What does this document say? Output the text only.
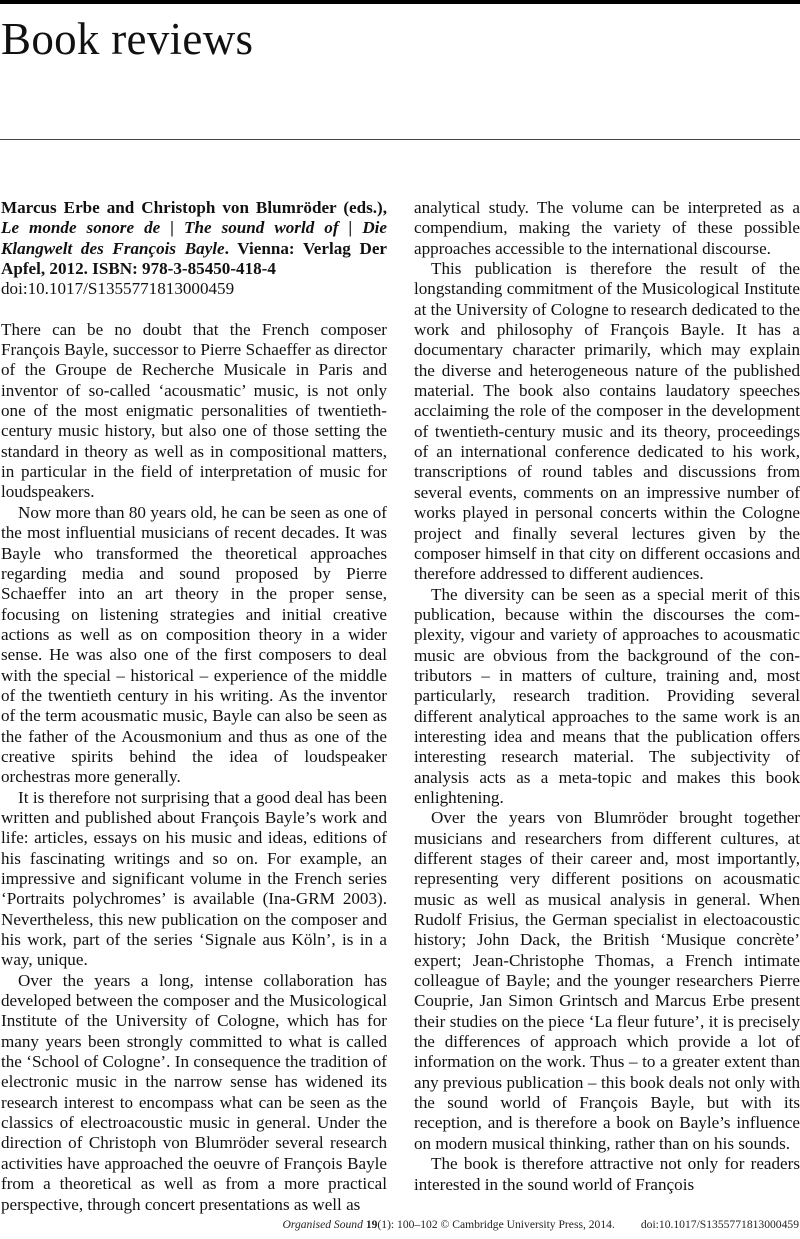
Book reviews
Marcus Erbe and Christoph von Blumröder (eds.), Le monde sonore de | The sound world of | Die Klangwelt des François Bayle. Vienna: Verlag Der Apfel, 2012. ISBN: 978-3-85450-418-4
doi:10.1017/S1355771813000459

There can be no doubt that the French composer François Bayle, successor to Pierre Schaeffer as director of the Groupe de Recherche Musicale in Paris and inventor of so-called ‘acousmatic’ music, is not only one of the most enigmatic personalities of twentieth-century music history, but also one of those setting the standard in theory as well as in compositional matters, in particular in the field of interpretation of music for loudspeakers.

Now more than 80 years old, he can be seen as one of the most influential musicians of recent decades. It was Bayle who transformed the theoretical approaches regarding media and sound proposed by Pierre Schaeffer into an art theory in the proper sense, focusing on listening strategies and initial creative actions as well as on composition theory in a wider sense. He was also one of the first composers to deal with the special – historical – experience of the middle of the twentieth century in his writing. As the inventor of the term acousmatic music, Bayle can also be seen as the father of the Acousmonium and thus as one of the creative spirits behind the idea of loudspeaker orchestras more generally.

It is therefore not surprising that a good deal has been written and published about François Bayle’s work and life: articles, essays on his music and ideas, editions of his fascinating writings and so on. For example, an impressive and significant volume in the French series ‘Portraits polychromes’ is available (Ina-GRM 2003). Nevertheless, this new publication on the composer and his work, part of the series ‘Signale aus Köln’, is in a way, unique.

Over the years a long, intense collaboration has developed between the composer and the Musicological Institute of the University of Cologne, which has for many years been strongly committed to what is called the ‘School of Cologne’. In consequence the tradition of electronic music in the narrow sense has widened its research interest to encompass what can be seen as the classics of electroacoustic music in general. Under the direction of Christoph von Blumröder several research activities have approached the oeuvre of François Bayle from a theoretical as well as from a more practical perspective, through concert presentations as well as

analytical study. The volume can be interpreted as a compendium, making the variety of these possible approaches accessible to the international discourse.

This publication is therefore the result of the longstanding commitment of the Musicological Institute at the University of Cologne to research dedicated to the work and philosophy of François Bayle. It has a documentary character primarily, which may explain the diverse and heterogeneous nature of the published material. The book also contains laudatory speeches acclaiming the role of the composer in the development of twentieth-century music and its theory, proceedings of an international conference dedicated to his work, transcriptions of round tables and discussions from several events, comments on an impressive number of works played in personal concerts within the Cologne project and finally several lectures given by the composer himself in that city on different occasions and therefore addressed to different audiences.

The diversity can be seen as a special merit of this publication, because within the discourses the complexity, vigour and variety of approaches to acousmatic music are obvious from the background of the contributors – in matters of culture, training and, most particularly, research tradition. Providing several different analytical approaches to the same work is an interesting idea and means that the publication offers interesting research material. The subjectivity of analysis acts as a meta-topic and makes this book enlightening.

Over the years von Blumröder brought together musicians and researchers from different cultures, at different stages of their career and, most importantly, representing very different positions on acousmatic music as well as musical analysis in general. When Rudolf Frisius, the German specialist in electoacoustic history; John Dack, the British ‘Musique concrète’ expert; Jean-Christophe Thomas, a French intimate colleague of Bayle; and the younger researchers Pierre Couprie, Jan Simon Grintsch and Marcus Erbe present their studies on the piece ‘La fleur future’, it is precisely the differences of approach which provide a lot of information on the work. Thus – to a greater extent than any previous publication – this book deals not only with the sound world of François Bayle, but with its reception, and is therefore a book on Bayle’s influence on modern musical thinking, rather than on his sounds.

The book is therefore attractive not only for readers interested in the sound world of François

Organised Sound 19(1): 100–102 © Cambridge University Press, 2014. doi:10.1017/S1355771813000459
